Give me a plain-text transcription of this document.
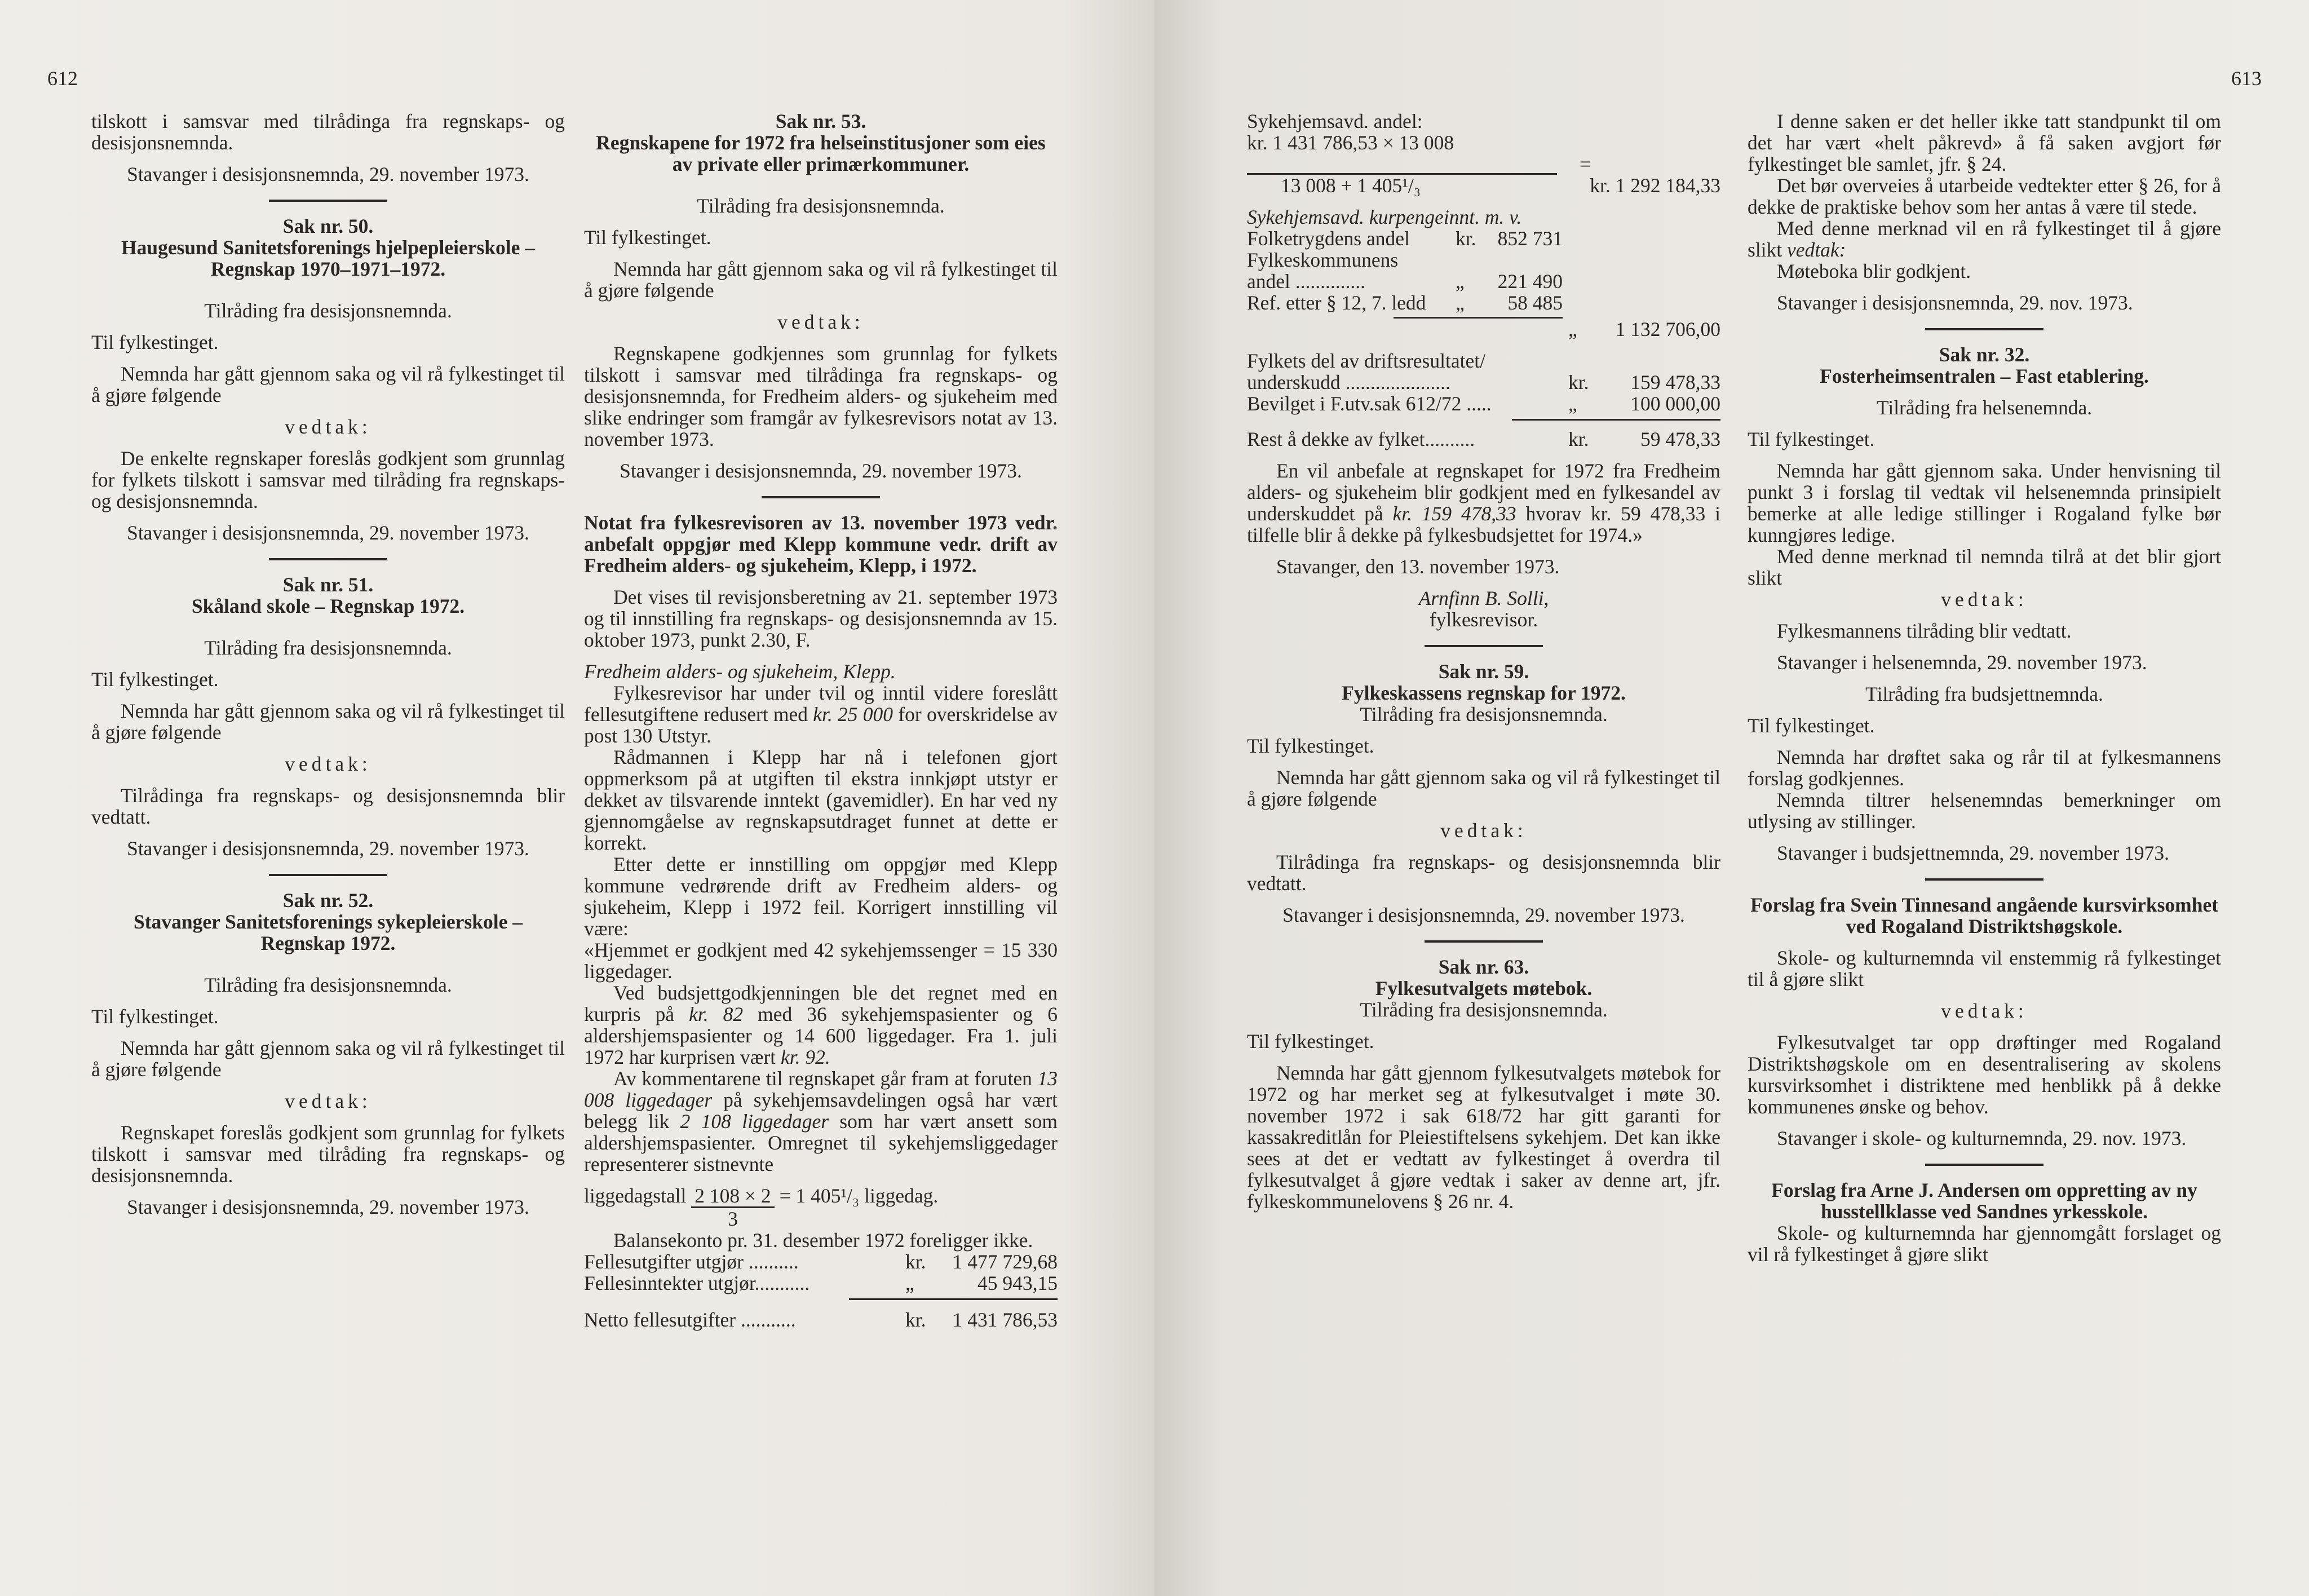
612

tilskott i samsvar med tilrådinga fra regnskaps- og desisjonsnemnda.

Stavanger i desisjonsnemnda, 29. november 1973.

Sak nr. 50.

Haugesund Sanitetsforenings hjelpepleierskole – Regnskap 1970–1971–1972.

Tilråding fra desisjonsnemnda.

Til fylkestinget.

Nemnda har gått gjennom saka og vil rå fylkestinget til å gjøre følgende

vedtak:

De enkelte regnskaper foreslås godkjent som grunnlag for fylkets tilskott i samsvar med tilråding fra regnskaps- og desisjonsnemnda.

Stavanger i desisjonsnemnda, 29. november 1973.

Sak nr. 51.

Skåland skole – Regnskap 1972.

Tilråding fra desisjonsnemnda.

Til fylkestinget.

Nemnda har gått gjennom saka og vil rå fylkestinget til å gjøre følgende

vedtak:

Tilrådinga fra regnskaps- og desisjonsnemnda blir vedtatt.

Stavanger i desisjonsnemnda, 29. november 1973.

Sak nr. 52.

Stavanger Sanitetsforenings sykepleierskole – Regnskap 1972.

Tilråding fra desisjonsnemnda.

Til fylkestinget.

Nemnda har gått gjennom saka og vil rå fylkestinget til å gjøre følgende

vedtak:

Regnskapet foreslås godkjent som grunnlag for fylkets tilskott i samsvar med tilråding fra regnskaps- og desisjonsnemnda.

Stavanger i desisjonsnemnda, 29. november 1973.

Sak nr. 53.

Regnskapene for 1972 fra helseinstitusjoner som eies av private eller primærkommuner.

Tilråding fra desisjonsnemnda.

Til fylkestinget.

Nemnda har gått gjennom saka og vil rå fylkestinget til å gjøre følgende

vedtak:

Regnskapene godkjennes som grunnlag for fylkets tilskott i samsvar med tilrådinga fra regnskaps- og desisjonsnemnda, for Fredheim alders- og sjukeheim med slike endringer som framgår av fylkesrevisors notat av 13. november 1973.

Stavanger i desisjonsnemnda, 29. november 1973.

Notat fra fylkesrevisoren av 13. november 1973 vedr. anbefalt oppgjør med Klepp kommune vedr. drift av Fredheim alders- og sjukeheim, Klepp, i 1972.

Det vises til revisjonsberetning av 21. september 1973 og til innstilling fra regnskaps- og desisjonsnemnda av 15. oktober 1973, punkt 2.30, F.

Fredheim alders- og sjukeheim, Klepp.

Fylkesrevisor har under tvil og inntil videre foreslått fellesutgiftene redusert med kr. 25 000 for overskridelse av post 130 Utstyr.

Rådmannen i Klepp har nå i telefonen gjort oppmerksom på at utgiften til ekstra innkjøpt utstyr er dekket av tilsvarende inntekt (gavemidler). En har ved ny gjennomgåelse av regnskapsutdraget funnet at dette er korrekt.

Etter dette er innstilling om oppgjør med Klepp kommune vedrørende drift av Fredheim alders- og sjukeheim, Klepp i 1972 feil. Korrigert innstilling vil være:

«Hjemmet er godkjent med 42 sykehjemssenger = 15 330 liggedager.

Ved budsjettgodkjenningen ble det regnet med en kurpris på kr. 82 med 36 sykehjemspasienter og 6 aldershjemspasienter og 14 600 liggedager. Fra 1. juli 1972 har kurprisen vært kr. 92.

Av kommentarene til regnskapet går fram at foruten 13 008 liggedager på sykehjemsavdelingen også har vært belegg lik 2 108 liggedager som har vært ansett som aldershjemspasienter. Omregnet til sykehjemsliggedager representerer sistnevnte

liggedagstall $\frac{2 108 \times 2}{3} = 1$ 405¹/₃ liggedag.

Balansekonto pr. 31. desember 1972 foreligger ikke.

Fellesutgifter utgjør ..........	kr.	1 477 729,68
Fellesinntekter utgjør...........	„	45 943,15
Netto fellesutgifter ...........	kr.	1 431 786,53
613

Sykehjemsavd. andel:

kr. 1 431 786,53 × 13 008

=
13 008 + 1 405¹/₃	kr. 1 292 184,33

Sykehjemsavd. kurpengeinnt. m. v.

Folketrygdens andel	kr.	852 731
Fylkeskommunens
andel ..............	„	221 490
Ref. etter § 12, 7. ledd	„	58 485
„	1 132 706,00
Fylkets del av driftsresultatet/
underskudd .....................	kr.	159 478,33
Bevilget i F.utv.sak 612/72 .....	„	100 000,00
Rest å dekke av fylket..........	kr.	59 478,33

En vil anbefale at regnskapet for 1972 fra Fredheim alders- og sjukeheim blir godkjent med en fylkesandel av underskuddet på kr. 159 478,33 hvorav kr. 59 478,33 i tilfelle blir å dekke på fylkesbudsjettet for 1974.»

Stavanger, den 13. november 1973.

Arnfinn B. Solli,

fylkesrevisor.

Sak nr. 59.

Fylkeskassens regnskap for 1972.

Tilråding fra desisjonsnemnda.

Til fylkestinget.

Nemnda har gått gjennom saka og vil rå fylkestinget til å gjøre følgende

vedtak:

Tilrådinga fra regnskaps- og desisjonsnemnda blir vedtatt.

Stavanger i desisjonsnemnda, 29. november 1973.

Sak nr. 63.

Fylkesutvalgets møtebok.

Tilråding fra desisjonsnemnda.

Til fylkestinget.

Nemnda har gått gjennom fylkesutvalgets møtebok for 1972 og har merket seg at fylkesutvalget i møte 30. november 1972 i sak 618/72 har gitt garanti for kassakreditlån for Pleiestiftelsens sykehjem. Det kan ikke sees at det er vedtatt av fylkestinget å overdra til fylkesutvalget å gjøre vedtak i saker av denne art, jfr. fylkeskommunelovens § 26 nr. 4.

I denne saken er det heller ikke tatt standpunkt til om det har vært «helt påkrevd» å få saken avgjort før fylkestinget ble samlet, jfr. § 24.

Det bør overveies å utarbeide vedtekter etter § 26, for å dekke de praktiske behov som her antas å være til stede.

Med denne merknad vil en rå fylkestinget til å gjøre slikt vedtak:

Møteboka blir godkjent.

Stavanger i desisjonsnemnda, 29. nov. 1973.

Sak nr. 32.

Fosterheimsentralen – Fast etablering.

Tilråding fra helsenemnda.

Til fylkestinget.

Nemnda har gått gjennom saka. Under henvisning til punkt 3 i forslag til vedtak vil helsenemnda prinsipielt bemerke at alle ledige stillinger i Rogaland fylke bør kunngjøres ledige.

Med denne merknad til nemnda tilrå at det blir gjort slikt

vedtak:

Fylkesmannens tilråding blir vedtatt.

Stavanger i helsenemnda, 29. november 1973.

Tilråding fra budsjettnemnda.

Til fylkestinget.

Nemnda har drøftet saka og rår til at fylkesmannens forslag godkjennes.

Nemnda tiltrer helsenemndas bemerkninger om utlysing av stillinger.

Stavanger i budsjettnemnda, 29. november 1973.

Forslag fra Svein Tinnesand angående kursvirksomhet ved Rogaland Distriktshøgskole.

Skole- og kulturnemnda vil enstemmig rå fylkestinget til å gjøre slikt

vedtak:

Fylkesutvalget tar opp drøftinger med Rogaland Distriktshøgskole om en desentralisering av skolens kursvirksomhet i distriktene med henblikk på å dekke kommunenes ønske og behov.

Stavanger i skole- og kulturnemnda, 29. nov. 1973.

Forslag fra Arne J. Andersen om oppretting av ny husstellklasse ved Sandnes yrkesskole.

Skole- og kulturnemnda har gjennomgått forslaget og vil rå fylkestinget å gjøre slikt
